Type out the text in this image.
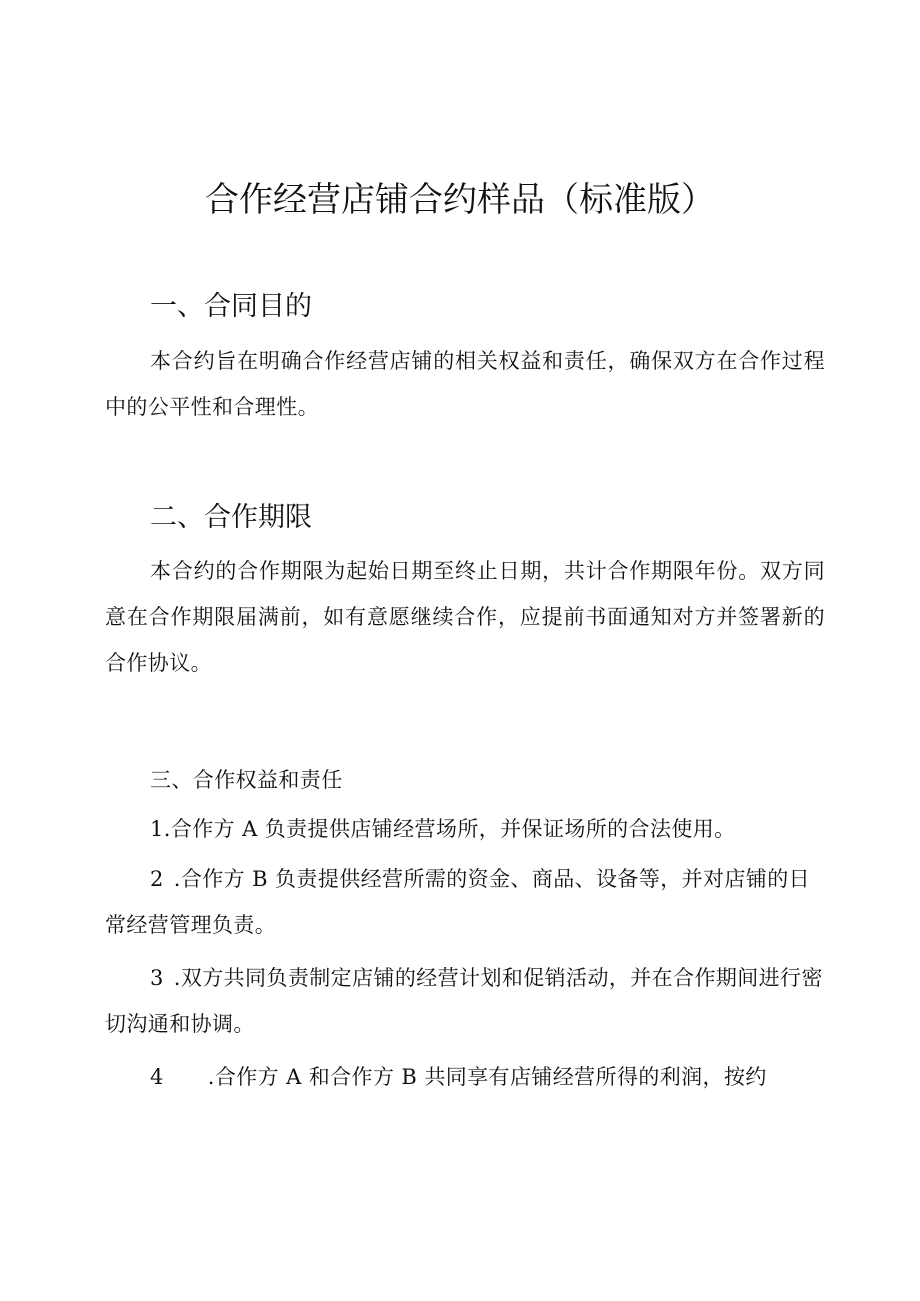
合作经营店铺合约样品（标准版）
一、合同目的

本合约旨在明确合作经营店铺的相关权益和责任，确保双方在合作过程中的公平性和合理性。

二、合作期限

本合约的合作期限为起始日期至终止日期，共计合作期限年份。双方同意在合作期限届满前，如有意愿继续合作，应提前书面通知对方并签署新的合作协议。

三、合作权益和责任

1.合作方 A 负责提供店铺经营场所，并保证场所的合法使用。

2 .合作方 B 负责提供经营所需的资金、商品、设备等，并对店铺的日常经营管理负责。

3 .双方共同负责制定店铺的经营计划和促销活动，并在合作期间进行密切沟通和协调。

4 .合作方 A 和合作方 B 共同享有店铺经营所得的利润，按约
